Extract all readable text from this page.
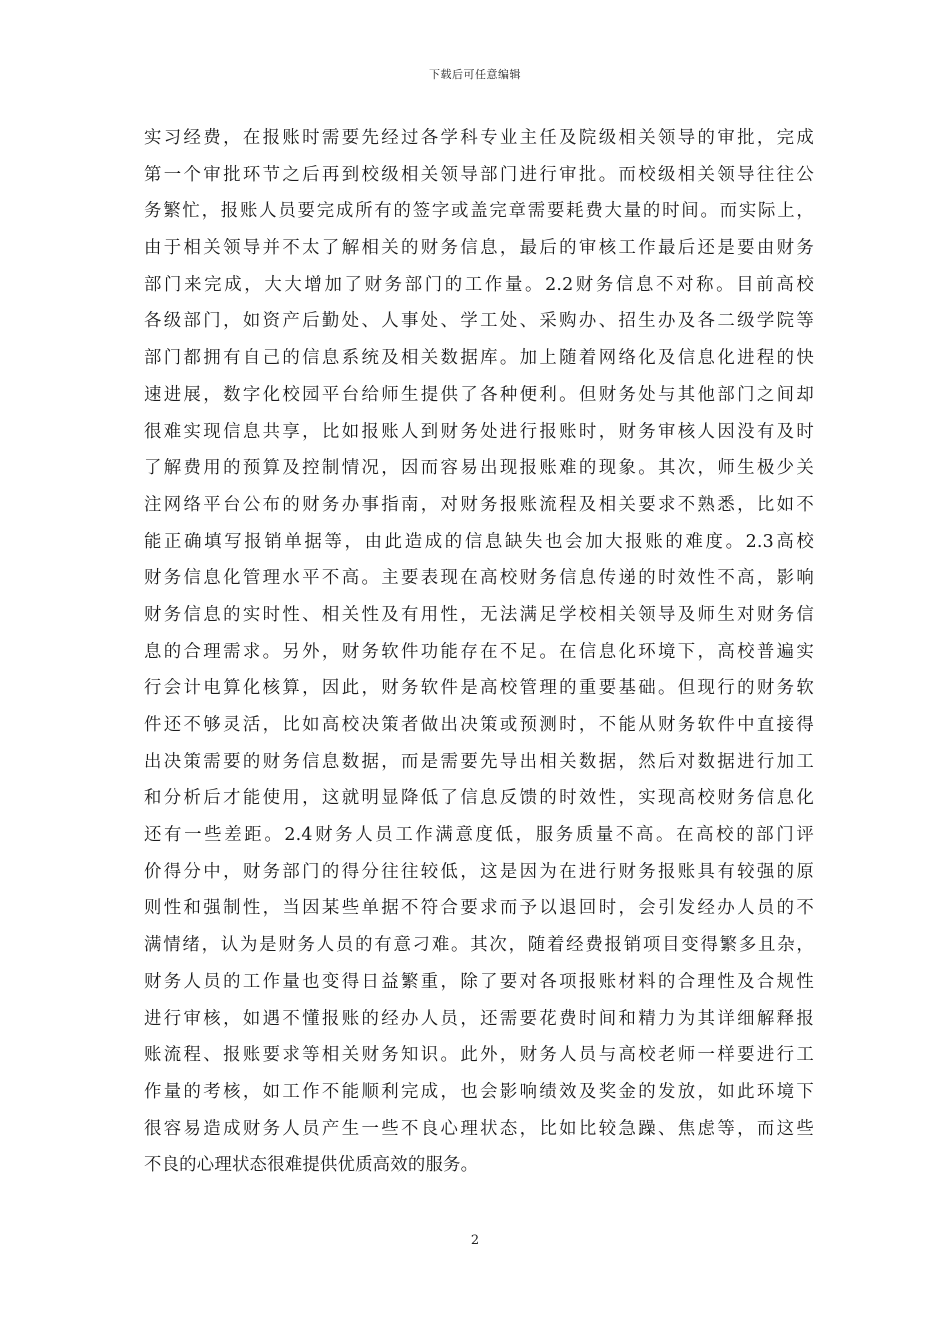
下载后可任意编辑
实习经费，在报账时需要先经过各学科专业主任及院级相关领导的审批，完成
第一个审批环节之后再到校级相关领导部门进行审批。而校级相关领导往往公
务繁忙，报账人员要完成所有的签字或盖完章需要耗费大量的时间。而实际上，
由于相关领导并不太了解相关的财务信息，最后的审核工作最后还是要由财务
部门来完成，大大增加了财务部门的工作量。2.2财务信息不对称。目前高校
各级部门，如资产后勤处、人事处、学工处、采购办、招生办及各二级学院等
部门都拥有自己的信息系统及相关数据库。加上随着网络化及信息化进程的快
速进展，数字化校园平台给师生提供了各种便利。但财务处与其他部门之间却
很难实现信息共享，比如报账人到财务处进行报账时，财务审核人因没有及时
了解费用的预算及控制情况，因而容易出现报账难的现象。其次，师生极少关
注网络平台公布的财务办事指南，对财务报账流程及相关要求不熟悉，比如不
能正确填写报销单据等，由此造成的信息缺失也会加大报账的难度。2.3高校
财务信息化管理水平不高。主要表现在高校财务信息传递的时效性不高，影响
财务信息的实时性、相关性及有用性，无法满足学校相关领导及师生对财务信
息的合理需求。另外，财务软件功能存在不足。在信息化环境下，高校普遍实
行会计电算化核算，因此，财务软件是高校管理的重要基础。但现行的财务软
件还不够灵活，比如高校决策者做出决策或预测时，不能从财务软件中直接得
出决策需要的财务信息数据，而是需要先导出相关数据，然后对数据进行加工
和分析后才能使用，这就明显降低了信息反馈的时效性，实现高校财务信息化
还有一些差距。2.4财务人员工作满意度低，服务质量不高。在高校的部门评
价得分中，财务部门的得分往往较低，这是因为在进行财务报账具有较强的原
则性和强制性，当因某些单据不符合要求而予以退回时，会引发经办人员的不
满情绪，认为是财务人员的有意刁难。其次，随着经费报销项目变得繁多且杂，
财务人员的工作量也变得日益繁重，除了要对各项报账材料的合理性及合规性
进行审核，如遇不懂报账的经办人员，还需要花费时间和精力为其详细解释报
账流程、报账要求等相关财务知识。此外，财务人员与高校老师一样要进行工
作量的考核，如工作不能顺利完成，也会影响绩效及奖金的发放，如此环境下
很容易造成财务人员产生一些不良心理状态，比如比较急躁、焦虑等，而这些
不良的心理状态很难提供优质高效的服务。
2
